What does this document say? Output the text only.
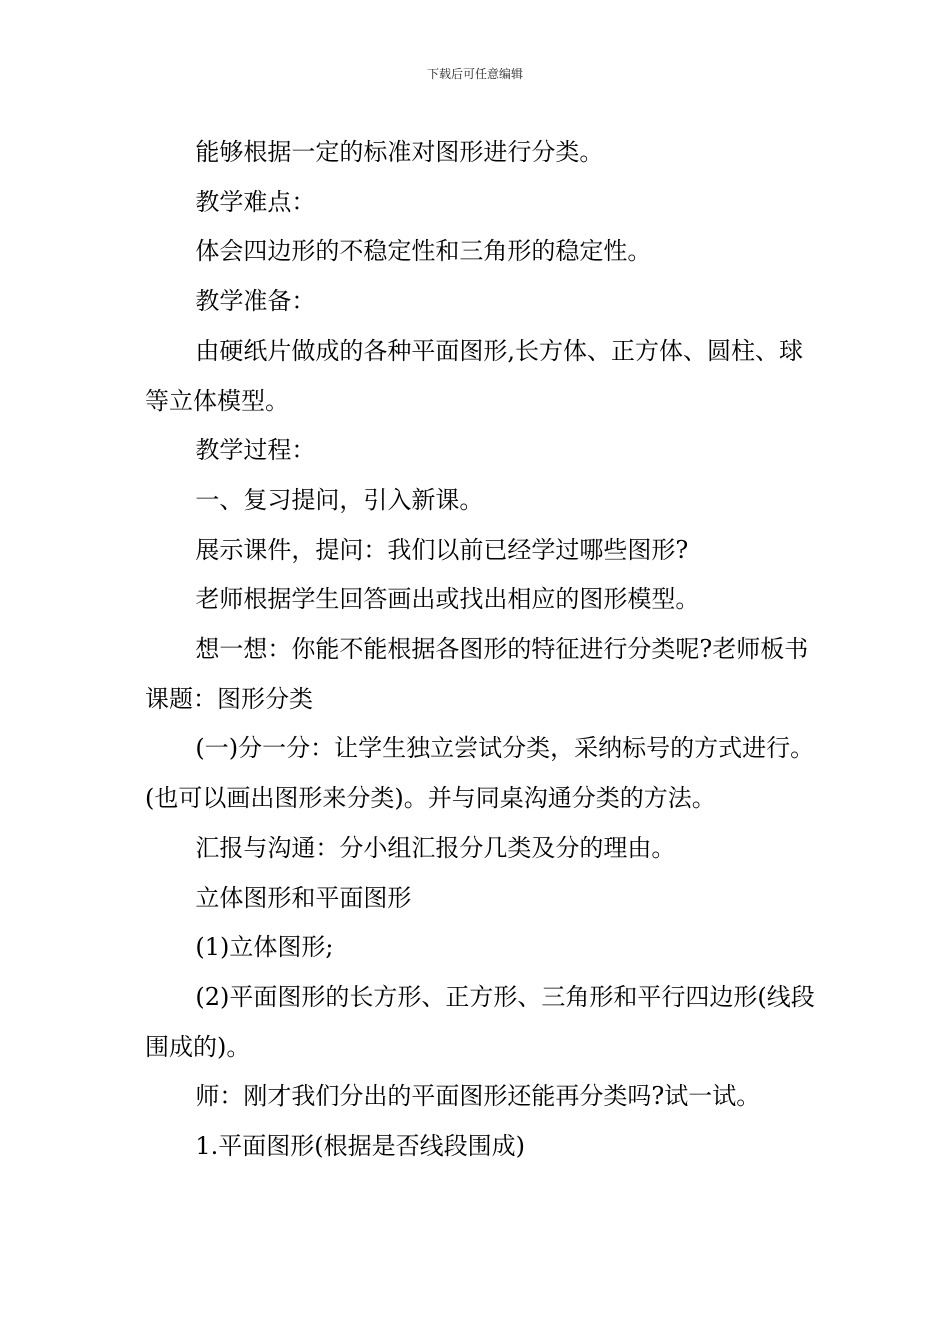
下载后可任意编辑

能够根据一定的标准对图形进行分类。

教学难点：

体会四边形的不稳定性和三角形的稳定性。

教学准备：

由硬纸片做成的各种平面图形,长方体、正方体、圆柱、球等立体模型。

教学过程：

一、复习提问，引入新课。

展示课件，提问：我们以前已经学过哪些图形?

老师根据学生回答画出或找出相应的图形模型。

想一想：你能不能根据各图形的特征进行分类呢?老师板书课题：图形分类

(一)分一分：让学生独立尝试分类，采纳标号的方式进行。(也可以画出图形来分类)。并与同桌沟通分类的方法。

汇报与沟通：分小组汇报分几类及分的理由。

立体图形和平面图形

(1)立体图形;

(2)平面图形的长方形、正方形、三角形和平行四边形(线段围成的)。

师：刚才我们分出的平面图形还能再分类吗?试一试。

1.平面图形(根据是否线段围成)
